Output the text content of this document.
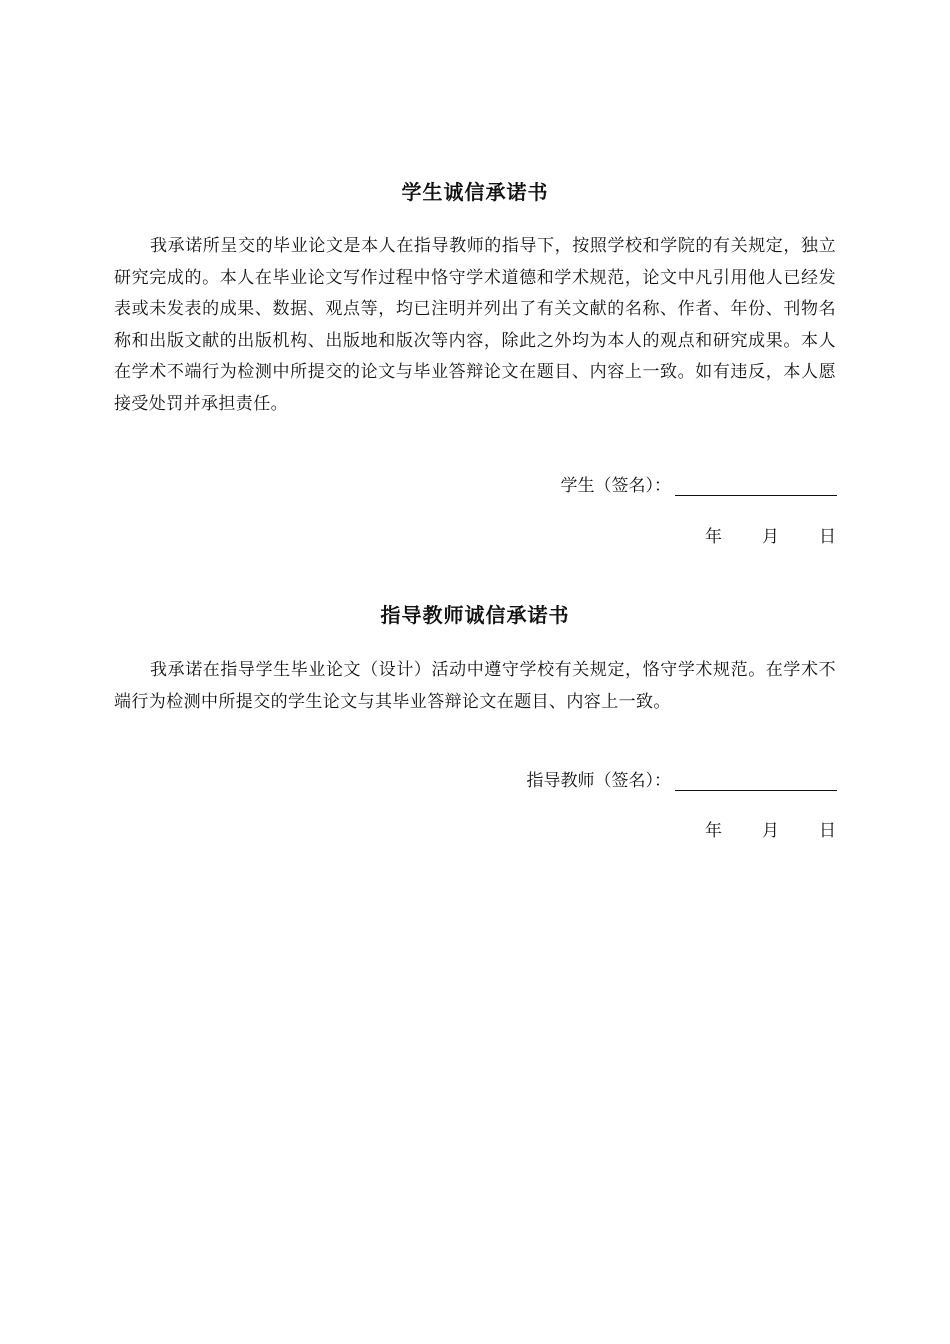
学生诚信承诺书
我承诺所呈交的毕业论文是本人在指导教师的指导下，按照学校和学院的有关规定，独立研究完成的。本人在毕业论文写作过程中恪守学术道德和学术规范，论文中凡引用他人已经发表或未发表的成果、数据、观点等，均已注明并列出了有关文献的名称、作者、年份、刊物名称和出版文献的出版机构、出版地和版次等内容，除此之外均为本人的观点和研究成果。本人在学术不端行为检测中所提交的论文与毕业答辩论文在题目、内容上一致。如有违反，本人愿接受处罚并承担责任。
学生（签名）：
年 月 日
指导教师诚信承诺书
我承诺在指导学生毕业论文（设计）活动中遵守学校有关规定，恪守学术规范。在学术不端行为检测中所提交的学生论文与其毕业答辩论文在题目、内容上一致。
指导教师（签名）：
年 月 日
